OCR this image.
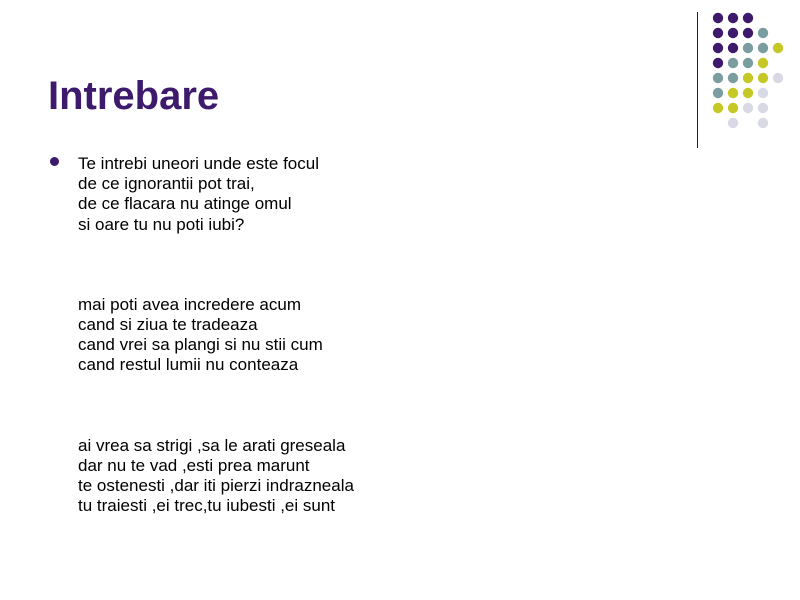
Intrebare
Te intrebi uneori unde este focul
de ce ignorantii pot trai,
de ce flacara nu atinge omul
si oare tu nu poti iubi?
mai poti avea incredere acum
cand si ziua te tradeaza
cand vrei sa plangi si nu stii cum
cand restul lumii nu conteaza
ai vrea sa strigi ,sa le arati greseala
dar nu te vad ,esti prea marunt
te ostenesti ,dar iti pierzi indrazneala
tu traiesti ,ei trec,tu iubesti ,ei sunt
